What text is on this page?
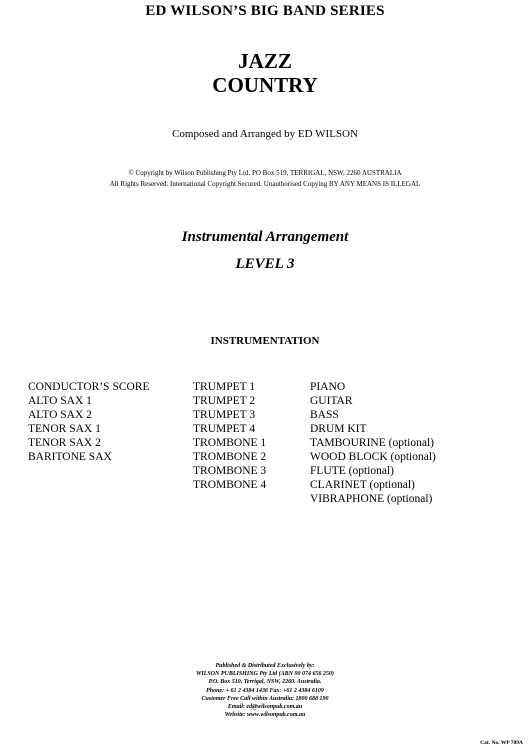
ED WILSON’S BIG BAND SERIES
JAZZ
COUNTRY
Composed and Arranged by ED WILSON
© Copyright by Wilson Publishing Pty Ltd. PO Box 519, TERRIGAL, NSW, 2260 AUSTRALIA
All Rights Reserved. International Copyright Secured. Unauthorised Copying BY ANY MEANS IS ILLEGAL
Instrumental Arrangement
LEVEL 3
INSTRUMENTATION
CONDUCTOR’S SCORE
ALTO SAX 1
ALTO SAX 2
TENOR SAX 1
TENOR SAX 2
BARITONE SAX
TRUMPET 1
TRUMPET 2
TRUMPET 3
TRUMPET 4
TROMBONE 1
TROMBONE 2
TROMBONE 3
TROMBONE 4
PIANO
GUITAR
BASS
DRUM KIT
TAMBOURINE (optional)
WOOD BLOCK (optional)
FLUTE (optional)
CLARINET (optional)
VIBRAPHONE (optional)
Published & Distributed Exclusively by:
WILSON PUBLISHING Pty Ltd (ABN 90 074 656 250)
P.O. Box 519, Terrigal, NSW, 2260. Australia.
Phone: + 61 2 4384 1436 Fax: +61 2 4384 6109
Customer Free Call within Australia: 1800 688 190
Email: ed@wilsonpub.com.au
Website: www.wilsonpub.com.au
Cat. No. WP 709A
